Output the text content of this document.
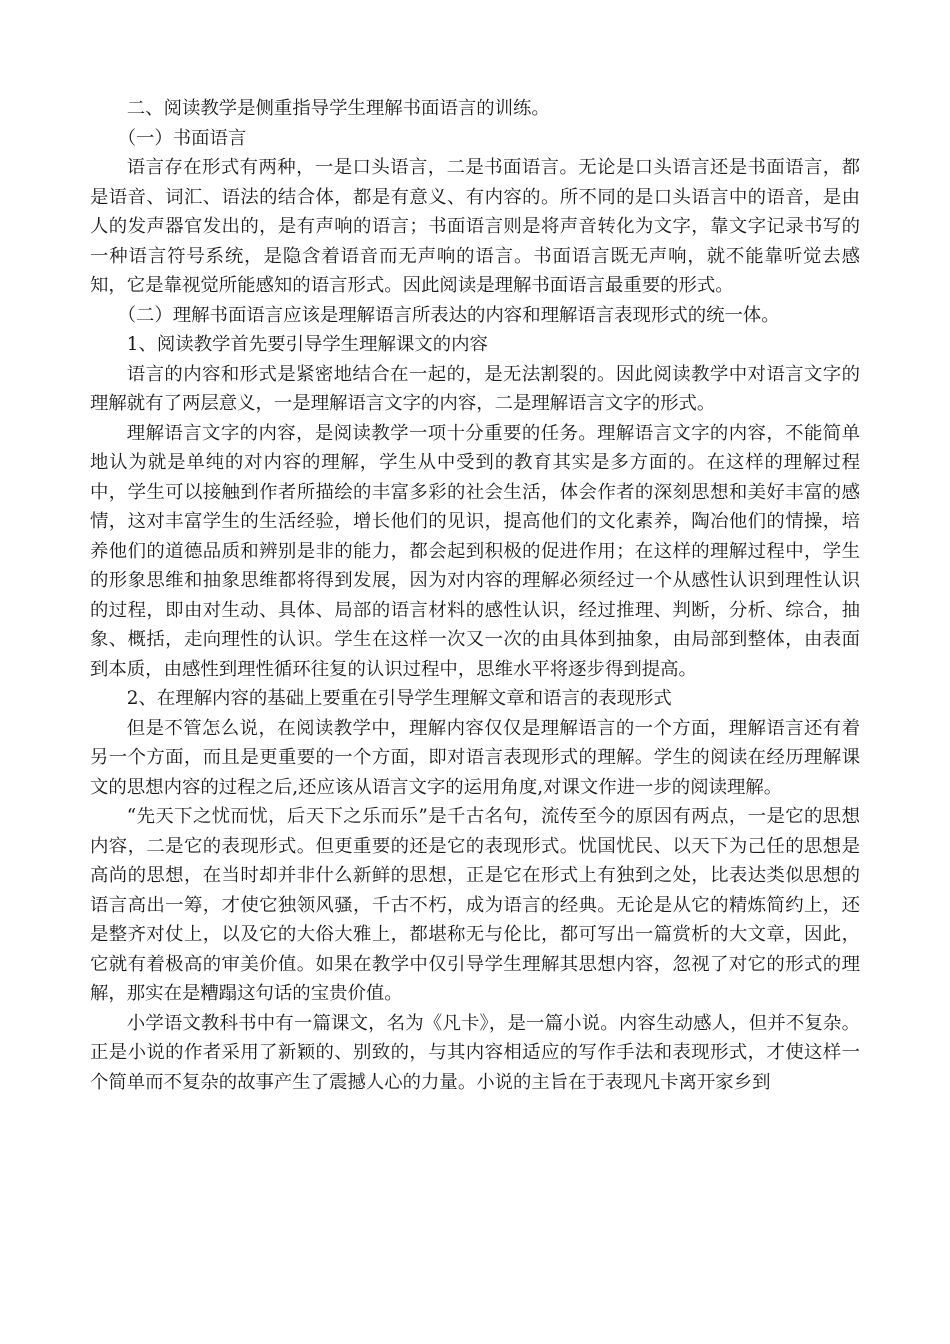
二、阅读教学是侧重指导学生理解书面语言的训练。

（一）书面语言

语言存在形式有两种，一是口头语言，二是书面语言。无论是口头语言还是书面语言，都是语音、词汇、语法的结合体，都是有意义、有内容的。所不同的是口头语言中的语音，是由人的发声器官发出的，是有声响的语言；书面语言则是将声音转化为文字，靠文字记录书写的一种语言符号系统，是隐含着语音而无声响的语言。书面语言既无声响，就不能靠听觉去感知，它是靠视觉所能感知的语言形式。因此阅读是理解书面语言最重要的形式。

（二）理解书面语言应该是理解语言所表达的内容和理解语言表现形式的统一体。

1、阅读教学首先要引导学生理解课文的内容

语言的内容和形式是紧密地结合在一起的，是无法割裂的。因此阅读教学中对语言文字的理解就有了两层意义，一是理解语言文字的内容，二是理解语言文字的形式。

理解语言文字的内容，是阅读教学一项十分重要的任务。理解语言文字的内容，不能简单地认为就是单纯的对内容的理解，学生从中受到的教育其实是多方面的。在这样的理解过程中，学生可以接触到作者所描绘的丰富多彩的社会生活，体会作者的深刻思想和美好丰富的感情，这对丰富学生的生活经验，增长他们的见识，提高他们的文化素养，陶冶他们的情操，培养他们的道德品质和辨别是非的能力，都会起到积极的促进作用；在这样的理解过程中，学生的形象思维和抽象思维都将得到发展，因为对内容的理解必须经过一个从感性认识到理性认识的过程，即由对生动、具体、局部的语言材料的感性认识，经过推理、判断，分析、综合，抽象、概括，走向理性的认识。学生在这样一次又一次的由具体到抽象，由局部到整体，由表面到本质，由感性到理性循环往复的认识过程中，思维水平将逐步得到提高。

2、在理解内容的基础上要重在引导学生理解文章和语言的表现形式

但是不管怎么说，在阅读教学中，理解内容仅仅是理解语言的一个方面，理解语言还有着另一个方面，而且是更重要的一个方面，即对语言表现形式的理解。学生的阅读在经历理解课文的思想内容的过程之后,还应该从语言文字的运用角度,对课文作进一步的阅读理解。

“先天下之忧而忧，后天下之乐而乐”是千古名句，流传至今的原因有两点，一是它的思想内容，二是它的表现形式。但更重要的还是它的表现形式。忧国忧民、以天下为己任的思想是高尚的思想，在当时却并非什么新鲜的思想，正是它在形式上有独到之处，比表达类似思想的语言高出一筹，才使它独领风骚，千古不朽，成为语言的经典。无论是从它的精炼简约上，还是整齐对仗上，以及它的大俗大雅上，都堪称无与伦比，都可写出一篇赏析的大文章，因此，它就有着极高的审美价值。如果在教学中仅引导学生理解其思想内容，忽视了对它的形式的理解，那实在是糟蹋这句话的宝贵价值。

小学语文教科书中有一篇课文，名为《凡卡》，是一篇小说。内容生动感人，但并不复杂。正是小说的作者采用了新颖的、别致的，与其内容相适应的写作手法和表现形式，才使这样一个简单而不复杂的故事产生了震撼人心的力量。小说的主旨在于表现凡卡离开家乡到
